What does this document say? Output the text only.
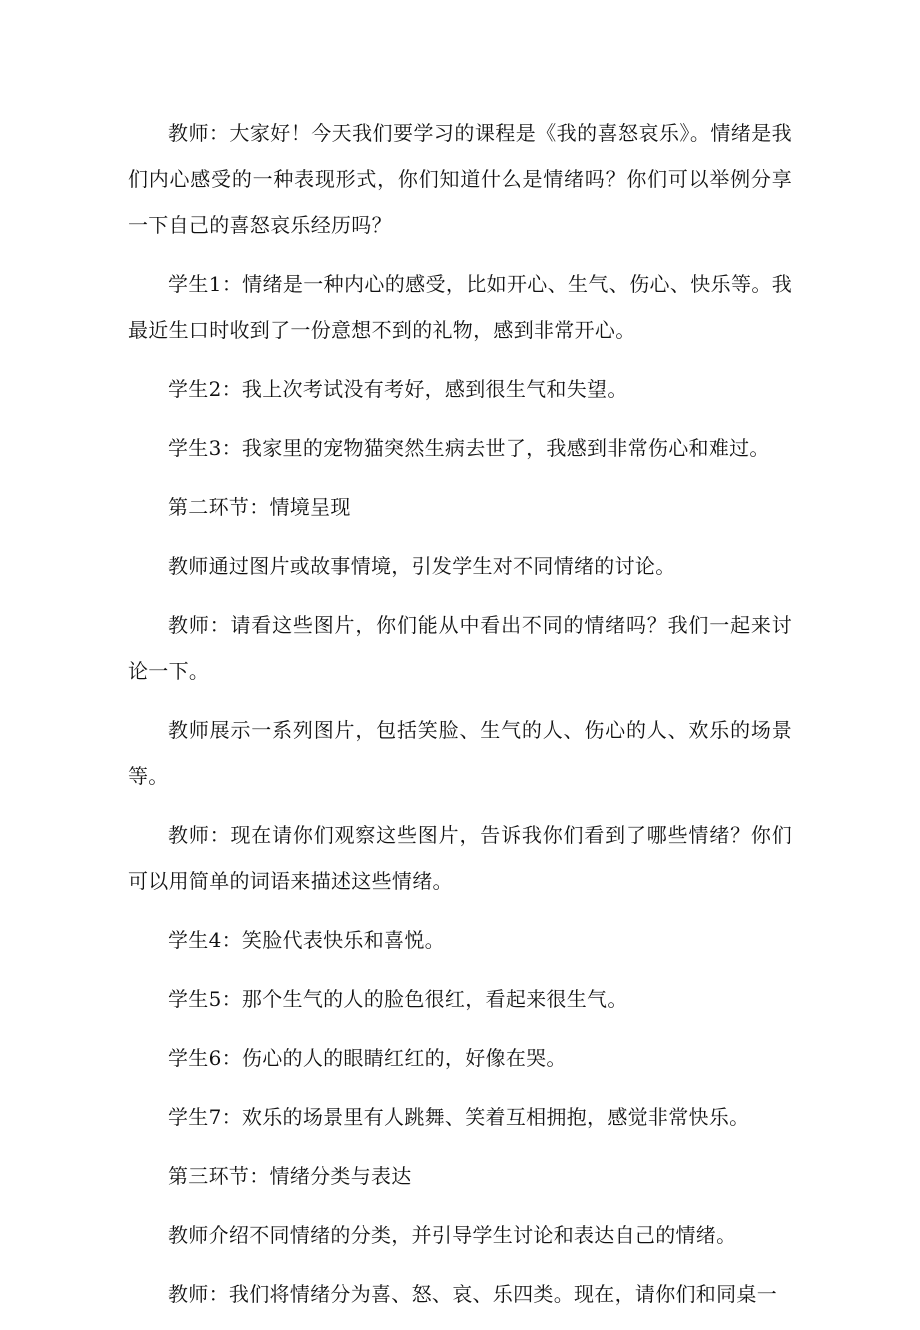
教师：大家好！今天我们要学习的课程是《我的喜怒哀乐》。情绪是我们内心感受的一种表现形式，你们知道什么是情绪吗？你们可以举例分享一下自己的喜怒哀乐经历吗？

学生1：情绪是一种内心的感受，比如开心、生气、伤心、快乐等。我最近生口时收到了一份意想不到的礼物，感到非常开心。

学生2：我上次考试没有考好，感到很生气和失望。

学生3：我家里的宠物猫突然生病去世了，我感到非常伤心和难过。

第二环节：情境呈现

教师通过图片或故事情境，引发学生对不同情绪的讨论。

教师：请看这些图片，你们能从中看出不同的情绪吗？我们一起来讨论一下。

教师展示一系列图片，包括笑脸、生气的人、伤心的人、欢乐的场景等。

教师：现在请你们观察这些图片，告诉我你们看到了哪些情绪？你们可以用简单的词语来描述这些情绪。

学生4：笑脸代表快乐和喜悦。

学生5：那个生气的人的脸色很红，看起来很生气。

学生6：伤心的人的眼睛红红的，好像在哭。

学生7：欢乐的场景里有人跳舞、笑着互相拥抱，感觉非常快乐。

第三环节：情绪分类与表达

教师介绍不同情绪的分类，并引导学生讨论和表达自己的情绪。

教师：我们将情绪分为喜、怒、哀、乐四类。现在，请你们和同桌一
